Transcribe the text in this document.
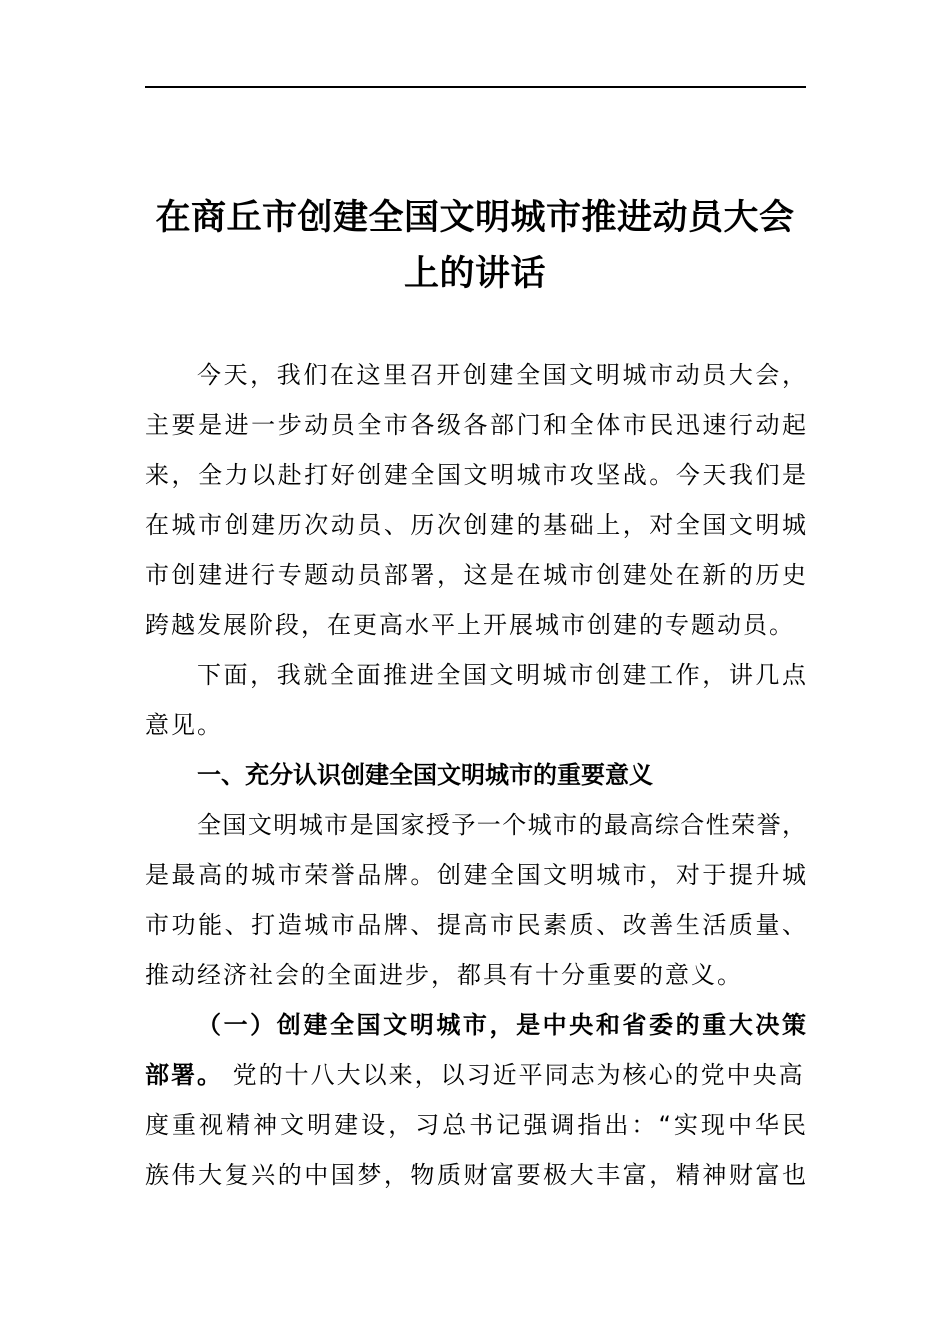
在商丘市创建全国文明城市推进动员大会
上的讲话
今天，我们在这里召开创建全国文明城市动员大会，
主要是进一步动员全市各级各部门和全体市民迅速行动起
来，全力以赴打好创建全国文明城市攻坚战。今天我们是
在城市创建历次动员、历次创建的基础上，对全国文明城
市创建进行专题动员部署，这是在城市创建处在新的历史
跨越发展阶段，在更高水平上开展城市创建的专题动员。
下面，我就全面推进全国文明城市创建工作，讲几点
意见。
一、充分认识创建全国文明城市的重要意义
全国文明城市是国家授予一个城市的最高综合性荣誉，
是最高的城市荣誉品牌。创建全国文明城市，对于提升城
市功能、打造城市品牌、提高市民素质、改善生活质量、
推动经济社会的全面进步，都具有十分重要的意义。
（一）创建全国文明城市，是中央和省委的重大决策
部署。 党的十八大以来，以习近平同志为核心的党中央高
度重视精神文明建设，习总书记强调指出：“实现中华民
族伟大复兴的中国梦，物质财富要极大丰富，精神财富也
